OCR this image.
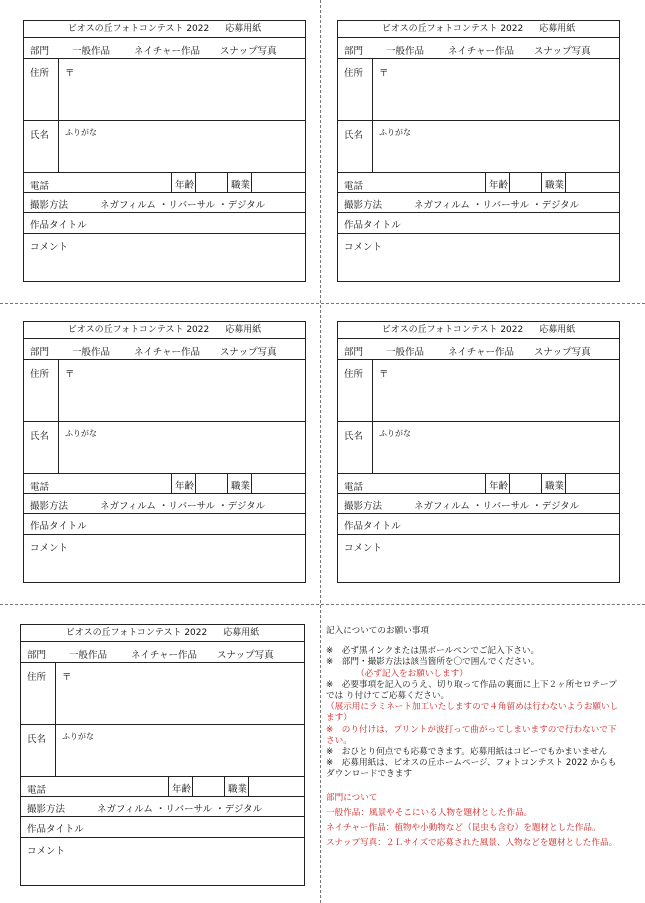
ビオスの丘フォトコンテスト 2022 応募用紙
部門 一般作品	ネイチャー作品 スナップ写真
住所 〒
氏名 ふりがな
電話	年齢	職業
撮影方法	ネガフィルム ・リバーサル ・デジタル
作品タイトル
コメント
ビオスの丘フォトコンテスト 2022 応募用紙
部門 一般作品	ネイチャー作品 スナップ写真
住所 〒
氏名 ふりがな
電話	年齢	職業
撮影方法	ネガフィルム ・リバーサル ・デジタル
作品タイトル
コメント
ビオスの丘フォトコンテスト 2022 応募用紙
部門 一般作品	ネイチャー作品 スナップ写真
住所 〒
氏名 ふりがな
電話	年齢	職業
撮影方法	ネガフィルム ・リバーサル ・デジタル
作品タイトル
コメント
ビオスの丘フォトコンテスト 2022 応募用紙
部門 一般作品	ネイチャー作品 スナップ写真
住所 〒
氏名 ふりがな
電話	年齢	職業
撮影方法	ネガフィルム ・リバーサル ・デジタル
作品タイトル
コメント
ビオスの丘フォトコンテスト 2022 応募用紙
部門 一般作品	ネイチャー作品 スナップ写真
住所 〒
氏名 ふりがな
電話	年齢	職業
撮影方法	ネガフィルム ・リバーサル ・デジタル
作品タイトル
コメント

記入についてのお願い事項

※　必ず黒インクまたは黒ボールペンでご記入下さい。

※　部門・撮影方法は該当箇所を〇で囲んでください。

　　　　（必ず記入をお願いします）

※　必要事項を記入のうえ、切り取って作品の裏面に上下２ヶ所セロテープ

では り付けてご応募ください。

（展示用にラミネート加工いたしますので４角留めは行わないようお願いし

ます）

※　のり付けは、プリントが波打って曲がってしまいますので行わないで下

さい。

※　おひとり何点でも応募できます。応募用紙はコピーでもかまいません

※　応募用紙は、ビオスの丘ホームページ、フォトコンテスト 2022 からも

ダウンロードできます

部門について

一般作品：風景やそこにいる人物を題材とした作品。

ネイチャー作品：植物や小動物など（昆虫も含む）を題材とした作品。

スナップ写真：２Ｌサイズで応募された風景、人物などを題材とした作品。
